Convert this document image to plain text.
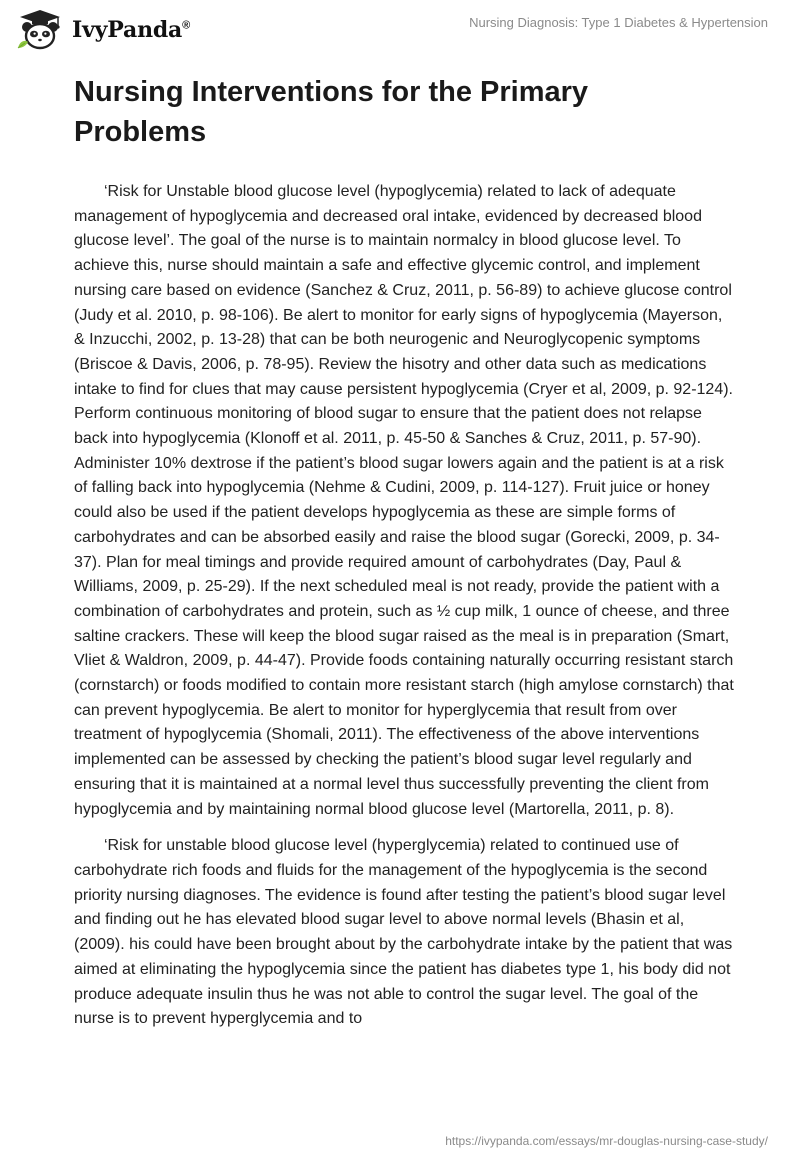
IvyPanda®	Nursing Diagnosis: Type 1 Diabetes & Hypertension
Nursing Interventions for the Primary Problems

‘Risk for Unstable blood glucose level (hypoglycemia) related to lack of adequate management of hypoglycemia and decreased oral intake, evidenced by decreased blood glucose level’. The goal of the nurse is to maintain normalcy in blood glucose level. To achieve this, nurse should maintain a safe and effective glycemic control, and implement nursing care based on evidence (Sanchez & Cruz, 2011, p. 56-89) to achieve glucose control (Judy et al. 2010, p. 98-106). Be alert to monitor for early signs of hypoglycemia (Mayerson, & Inzucchi, 2002, p. 13-28) that can be both neurogenic and Neuroglycopenic symptoms (Briscoe & Davis, 2006, p. 78-95). Review the hisotry and other data such as medications intake to find for clues that may cause persistent hypoglycemia (Cryer et al, 2009, p. 92-124). Perform continuous monitoring of blood sugar to ensure that the patient does not relapse back into hypoglycemia (Klonoff et al. 2011, p. 45-50 & Sanches & Cruz, 2011, p. 57-90). Administer 10% dextrose if the patient’s blood sugar lowers again and the patient is at a risk of falling back into hypoglycemia (Nehme & Cudini, 2009, p. 114-127). Fruit juice or honey could also be used if the patient develops hypoglycemia as these are simple forms of carbohydrates and can be absorbed easily and raise the blood sugar (Gorecki, 2009, p. 34-37). Plan for meal timings and provide required amount of carbohydrates (Day, Paul & Williams, 2009, p. 25-29). If the next scheduled meal is not ready, provide the patient with a combination of carbohydrates and protein, such as ½ cup milk, 1 ounce of cheese, and three saltine crackers. These will keep the blood sugar raised as the meal is in preparation (Smart, Vliet & Waldron, 2009, p. 44-47). Provide foods containing naturally occurring resistant starch (cornstarch) or foods modified to contain more resistant starch (high amylose cornstarch) that can prevent hypoglycemia. Be alert to monitor for hyperglycemia that result from over treatment of hypoglycemia (Shomali, 2011). The effectiveness of the above interventions implemented can be assessed by checking the patient’s blood sugar level regularly and ensuring that it is maintained at a normal level thus successfully preventing the client from hypoglycemia and by maintaining normal blood glucose level (Martorella, 2011, p. 8).

‘Risk for unstable blood glucose level (hyperglycemia) related to continued use of carbohydrate rich foods and fluids for the management of the hypoglycemia is the second priority nursing diagnoses. The evidence is found after testing the patient’s blood sugar level and finding out he has elevated blood sugar level to above normal levels (Bhasin et al, (2009). his could have been brought about by the carbohydrate intake by the patient that was aimed at eliminating the hypoglycemia since the patient has diabetes type 1, his body did not produce adequate insulin thus he was not able to control the sugar level. The goal of the nurse is to prevent hyperglycemia and to

https://ivypanda.com/essays/mr-douglas-nursing-case-study/
